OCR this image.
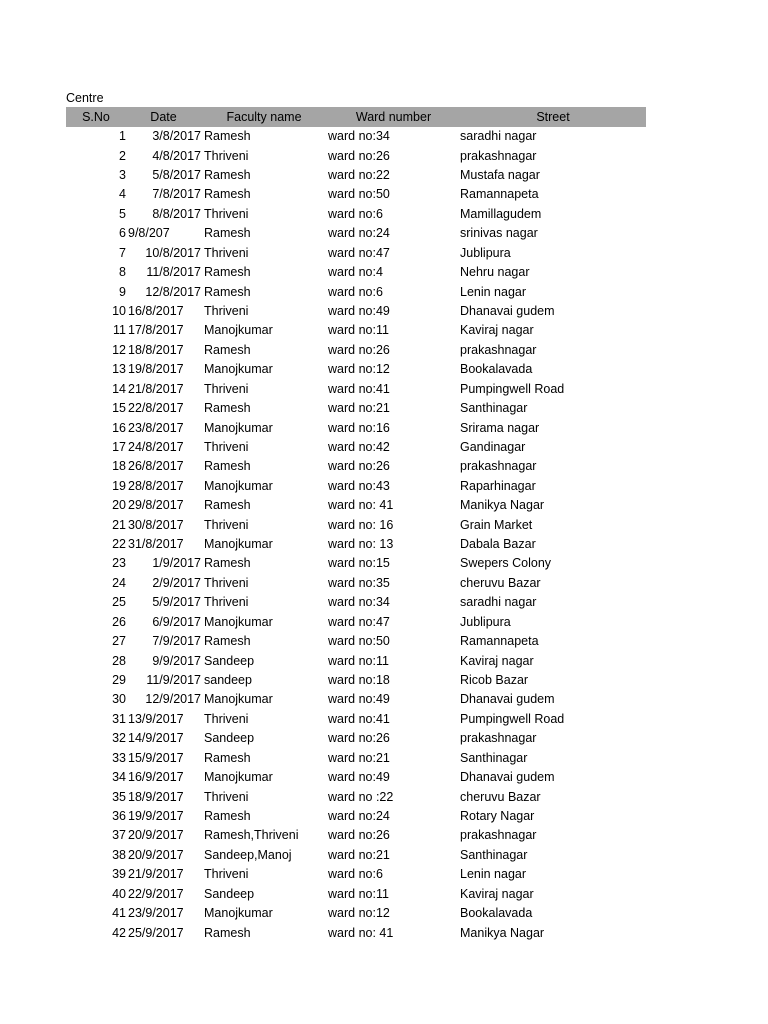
Centre
S.No	Date	Faculty name	Ward number	Street
1	3/8/2017	Ramesh	ward no:34	saradhi nagar
2	4/8/2017	Thriveni	ward no:26	prakashnagar
3	5/8/2017	Ramesh	ward no:22	Mustafa nagar
4	7/8/2017	Ramesh	ward no:50	Ramannapeta
5	8/8/2017	Thriveni	ward no:6	Mamillagudem
6	9/8/207	Ramesh	ward no:24	srinivas nagar
7	10/8/2017	Thriveni	ward no:47	Jublipura
8	11/8/2017	Ramesh	ward no:4	Nehru nagar
9	12/8/2017	Ramesh	ward no:6	Lenin nagar
10	16/8/2017	Thriveni	ward no:49	Dhanavai gudem
11	17/8/2017	Manojkumar	ward no:11	Kaviraj nagar
12	18/8/2017	Ramesh	ward no:26	prakashnagar
13	19/8/2017	Manojkumar	ward no:12	Bookalavada
14	21/8/2017	Thriveni	ward no:41	Pumpingwell Road
15	22/8/2017	Ramesh	ward no:21	Santhinagar
16	23/8/2017	Manojkumar	ward no:16	Srirama nagar
17	24/8/2017	Thriveni	ward no:42	Gandinagar
18	26/8/2017	Ramesh	ward no:26	prakashnagar
19	28/8/2017	Manojkumar	ward no:43	Raparhinagar
20	29/8/2017	Ramesh	ward no: 41	Manikya Nagar
21	30/8/2017	Thriveni	ward no: 16	Grain Market
22	31/8/2017	Manojkumar	ward no: 13	Dabala Bazar
23	1/9/2017	Ramesh	ward no:15	Swepers Colony
24	2/9/2017	Thriveni	ward no:35	cheruvu Bazar
25	5/9/2017	Thriveni	ward no:34	saradhi nagar
26	6/9/2017	Manojkumar	ward no:47	Jublipura
27	7/9/2017	Ramesh	ward no:50	Ramannapeta
28	9/9/2017	Sandeep	ward no:11	Kaviraj nagar
29	11/9/2017	sandeep	ward no:18	Ricob Bazar
30	12/9/2017	Manojkumar	ward no:49	Dhanavai gudem
31	13/9/2017	Thriveni	ward no:41	Pumpingwell Road
32	14/9/2017	Sandeep	ward no:26	prakashnagar
33	15/9/2017	Ramesh	ward no:21	Santhinagar
34	16/9/2017	Manojkumar	ward no:49	Dhanavai gudem
35	18/9/2017	Thriveni	ward no :22	cheruvu Bazar
36	19/9/2017	Ramesh	ward no:24	Rotary Nagar
37	20/9/2017	Ramesh,Thriveni	ward no:26	prakashnagar
38	20/9/2017	Sandeep,Manoj	ward no:21	Santhinagar
39	21/9/2017	Thriveni	ward no:6	Lenin nagar
40	22/9/2017	Sandeep	ward no:11	Kaviraj nagar
41	23/9/2017	Manojkumar	ward no:12	Bookalavada
42	25/9/2017	Ramesh	ward no: 41	Manikya Nagar
